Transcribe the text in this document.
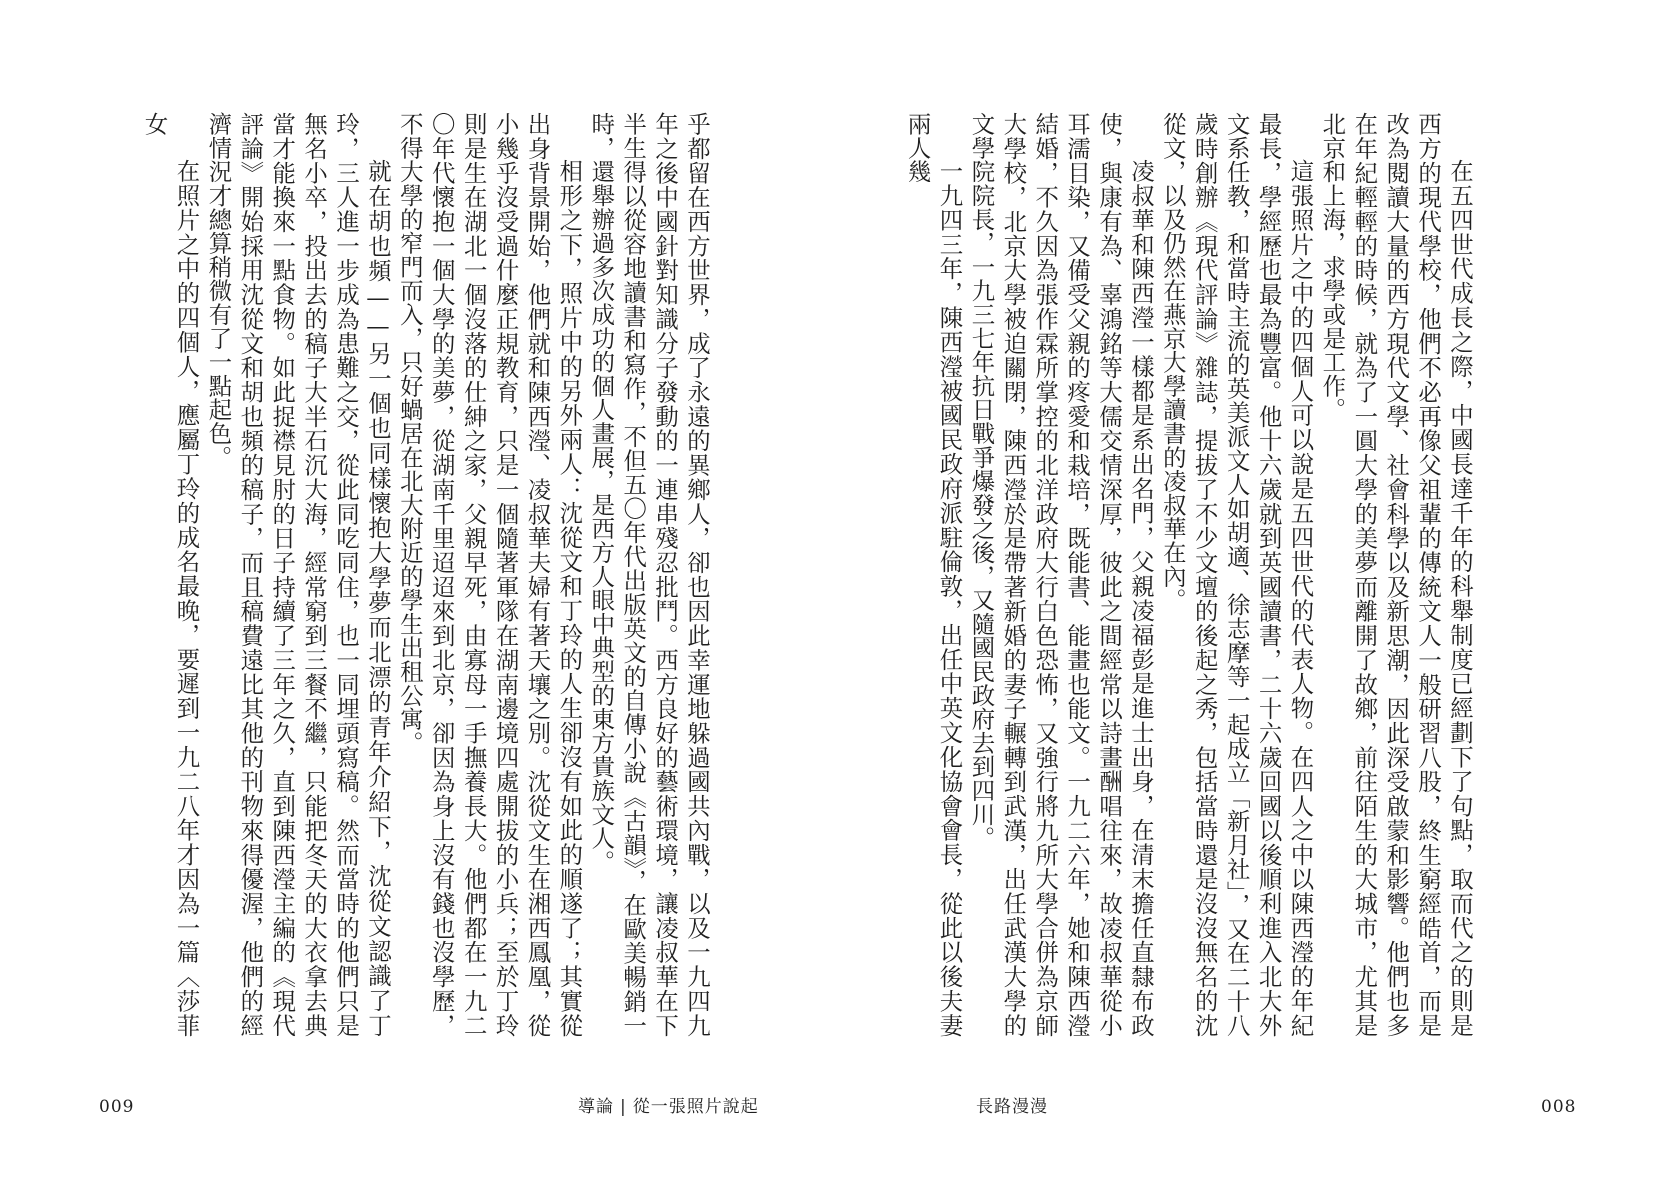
乎都留在西方世界，成了永遠的異鄉人，卻也因此幸運地躲過國共內戰，以及一九四九年之後中國針對知識分子發動的一連串殘忍批鬥。西方良好的藝術環境，讓凌叔華在下半生得以從容地讀書和寫作，不但五〇年代出版英文的自傳小說《古韻》，在歐美暢銷一時，還舉辦過多次成功的個人畫展，是西方人眼中典型的東方貴族文人。

相形之下，照片中的另外兩人：沈從文和丁玲的人生卻沒有如此的順遂了；其實從出身背景開始，他們就和陳西瀅、凌叔華夫婦有著天壤之別。沈從文生在湘西鳳凰，從小幾乎沒受過什麼正規教育，只是一個隨著軍隊在湖南邊境四處開拔的小兵；至於丁玲則是生在湖北一個沒落的仕紳之家，父親早死，由寡母一手撫養長大。他們都在一九二〇年代懷抱一個大學的美夢，從湖南千里迢迢來到北京，卻因為身上沒有錢也沒學歷，不得大學的窄門而入，只好蝸居在北大附近的學生出租公寓。

就在胡也頻——另一個也同樣懷抱大學夢而北漂的青年介紹下，沈從文認識了丁玲，三人進一步成為患難之交，從此同吃同住，也一同埋頭寫稿。然而當時的他們只是無名小卒，投出去的稿子大半石沉大海，經常窮到三餐不繼，只能把冬天的大衣拿去典當才能換來一點食物。如此捉襟見肘的日子持續了三年之久，直到陳西瀅主編的《現代評論》開始採用沈從文和胡也頻的稿子，而且稿費遠比其他的刊物來得優渥，他們的經濟情況才總算稍微有了一點起色。

在照片之中的四個人，應屬丁玲的成名最晚，要遲到一九二八年才因為一篇〈莎菲女

009	導論 | 從一張照片說起

在五四世代成長之際，中國長達千年的科舉制度已經劃下了句點，取而代之的則是西方的現代學校，他們不必再像父祖輩的傳統文人一般研習八股，終生窮經皓首，而是改為閱讀大量的西方現代文學、社會科學以及新思潮，因此深受啟蒙和影響。他們也多在年紀輕輕的時候，就為了一圓大學的美夢而離開了故鄉，前往陌生的大城市，尤其是北京和上海，求學或是工作。

這張照片之中的四個人可以說是五四世代的代表人物。在四人之中以陳西瀅的年紀最長，學經歷也最為豐富。他十六歲就到英國讀書，二十六歲回國以後順利進入北大外文系任教，和當時主流的英美派文人如胡適、徐志摩等一起成立「新月社」，又在二十八歲時創辦《現代評論》雜誌，提拔了不少文壇的後起之秀，包括當時還是沒沒無名的沈從文，以及仍然在燕京大學讀書的凌叔華在內。

凌叔華和陳西瀅一樣都是系出名門，父親凌福彭是進士出身，在清末擔任直隸布政使，與康有為、辜鴻銘等大儒交情深厚，彼此之間經常以詩畫酬唱往來，故凌叔華從小耳濡目染，又備受父親的疼愛和栽培，既能書、能畫也能文。一九二六年，她和陳西瀅結婚，不久因為張作霖所掌控的北洋政府大行白色恐怖，又強行將九所大學合併為京師大學校，北京大學被迫關閉，陳西瀅於是帶著新婚的妻子輾轉到武漢，出任武漢大學的文學院院長，一九三七年抗日戰爭爆發之後，又隨國民政府去到四川。

一九四三年，陳西瀅被國民政府派駐倫敦，出任中英文化協會會長，從此以後夫妻兩人幾

長路漫漫	008
